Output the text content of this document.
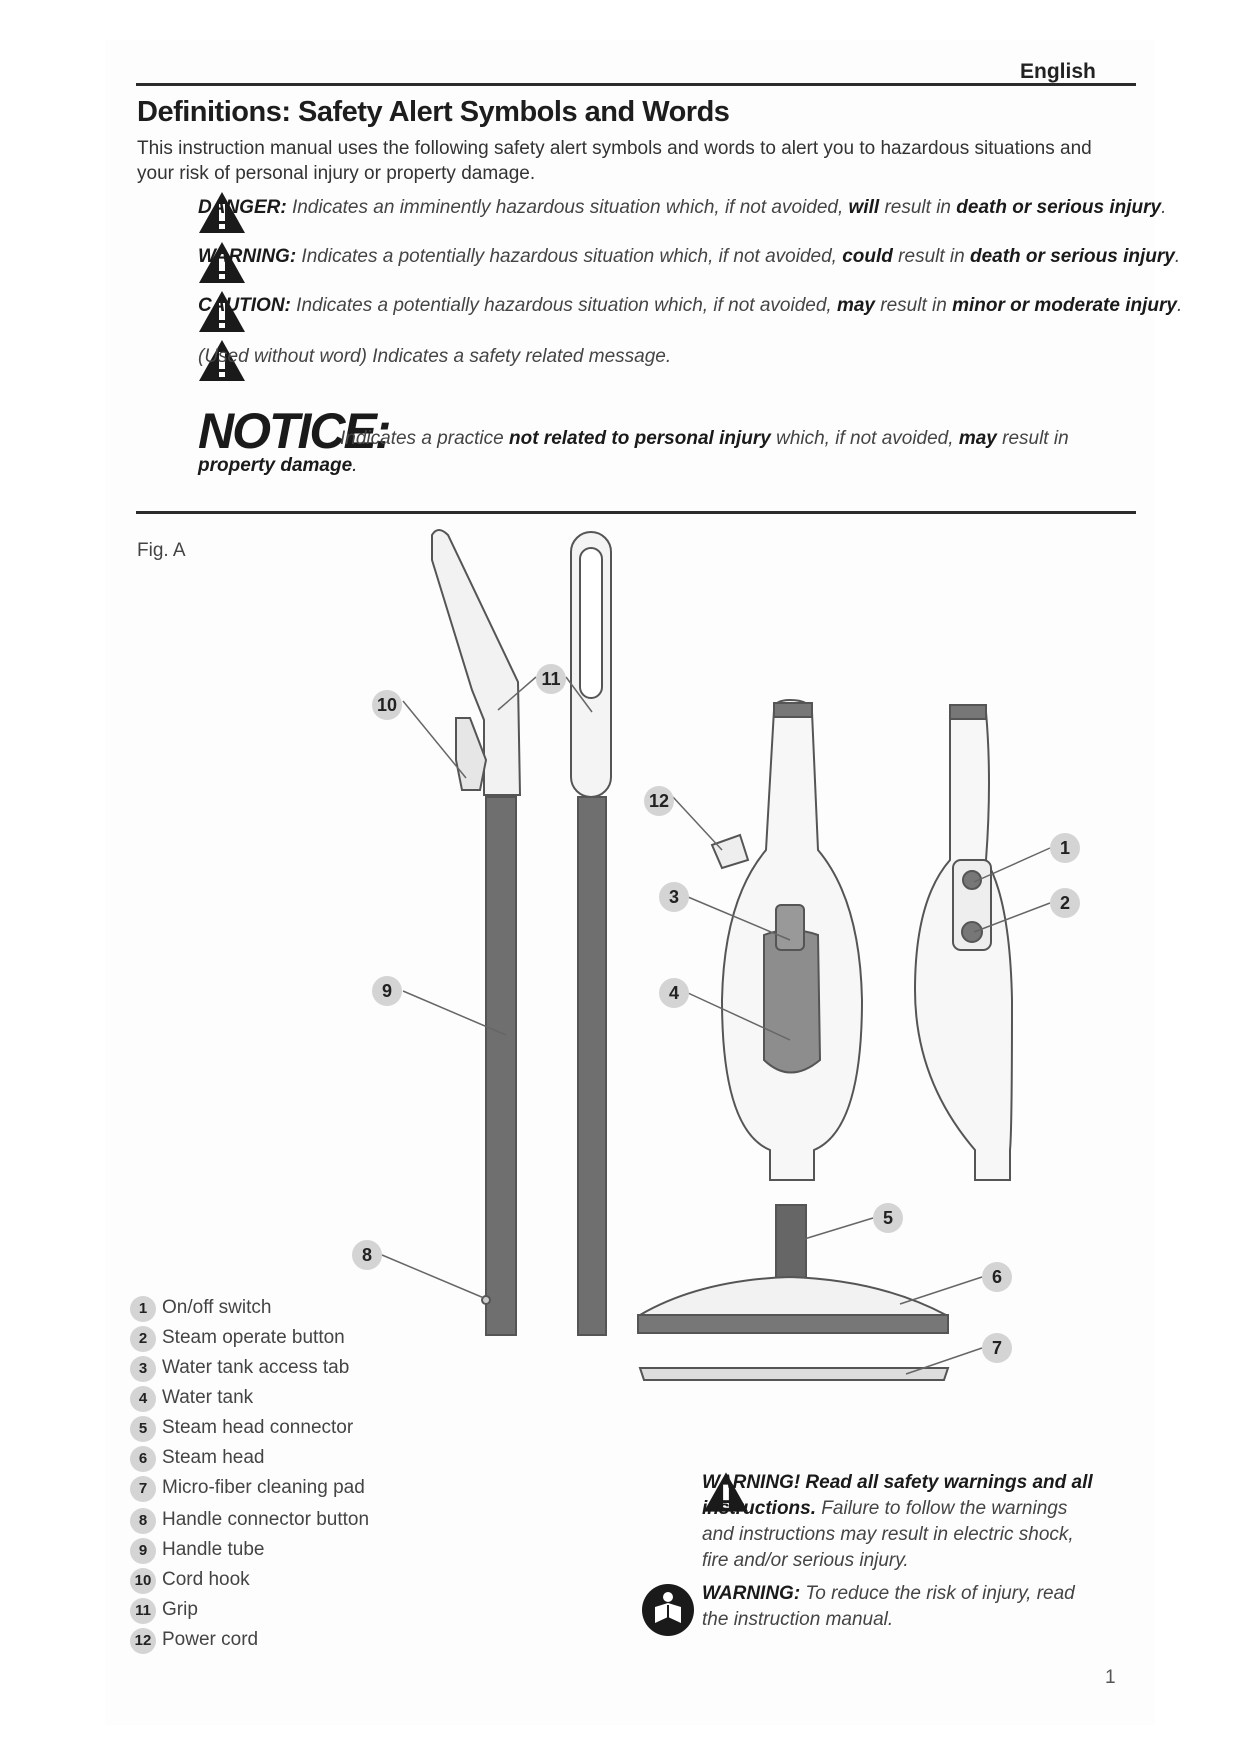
English
Definitions: Safety Alert Symbols and Words
This instruction manual uses the following safety alert symbols and words to alert you to hazardous situations and your risk of personal injury or property damage.
DANGER: Indicates an imminently hazardous situation which, if not avoided, will result in death or serious injury.
WARNING: Indicates a potentially hazardous situation which, if not avoided, could result in death or serious injury.
CAUTION: Indicates a potentially hazardous situation which, if not avoided, may result in minor or moderate injury.
(Used without word) Indicates a safety related message.
NOTICE:
Indicates a practice not related to personal injury which, if not avoided, may result in
property damage.
Fig. A
10
11
12
3
4
1
2
9
5
6
7
8
1 On/off switch
2 Steam operate button
3 Water tank access tab
4 Water tank
5 Steam head connector
6 Steam head
7 Micro-fiber cleaning pad
8 Handle connector button
9 Handle tube
10 Cord hook
11 Grip
12 Power cord
WARNING! Read all safety warnings and all instructions. Failure to follow the warnings and instructions may result in electric shock, fire and/or serious injury.
WARNING: To reduce the risk of injury, read the instruction manual.
1
